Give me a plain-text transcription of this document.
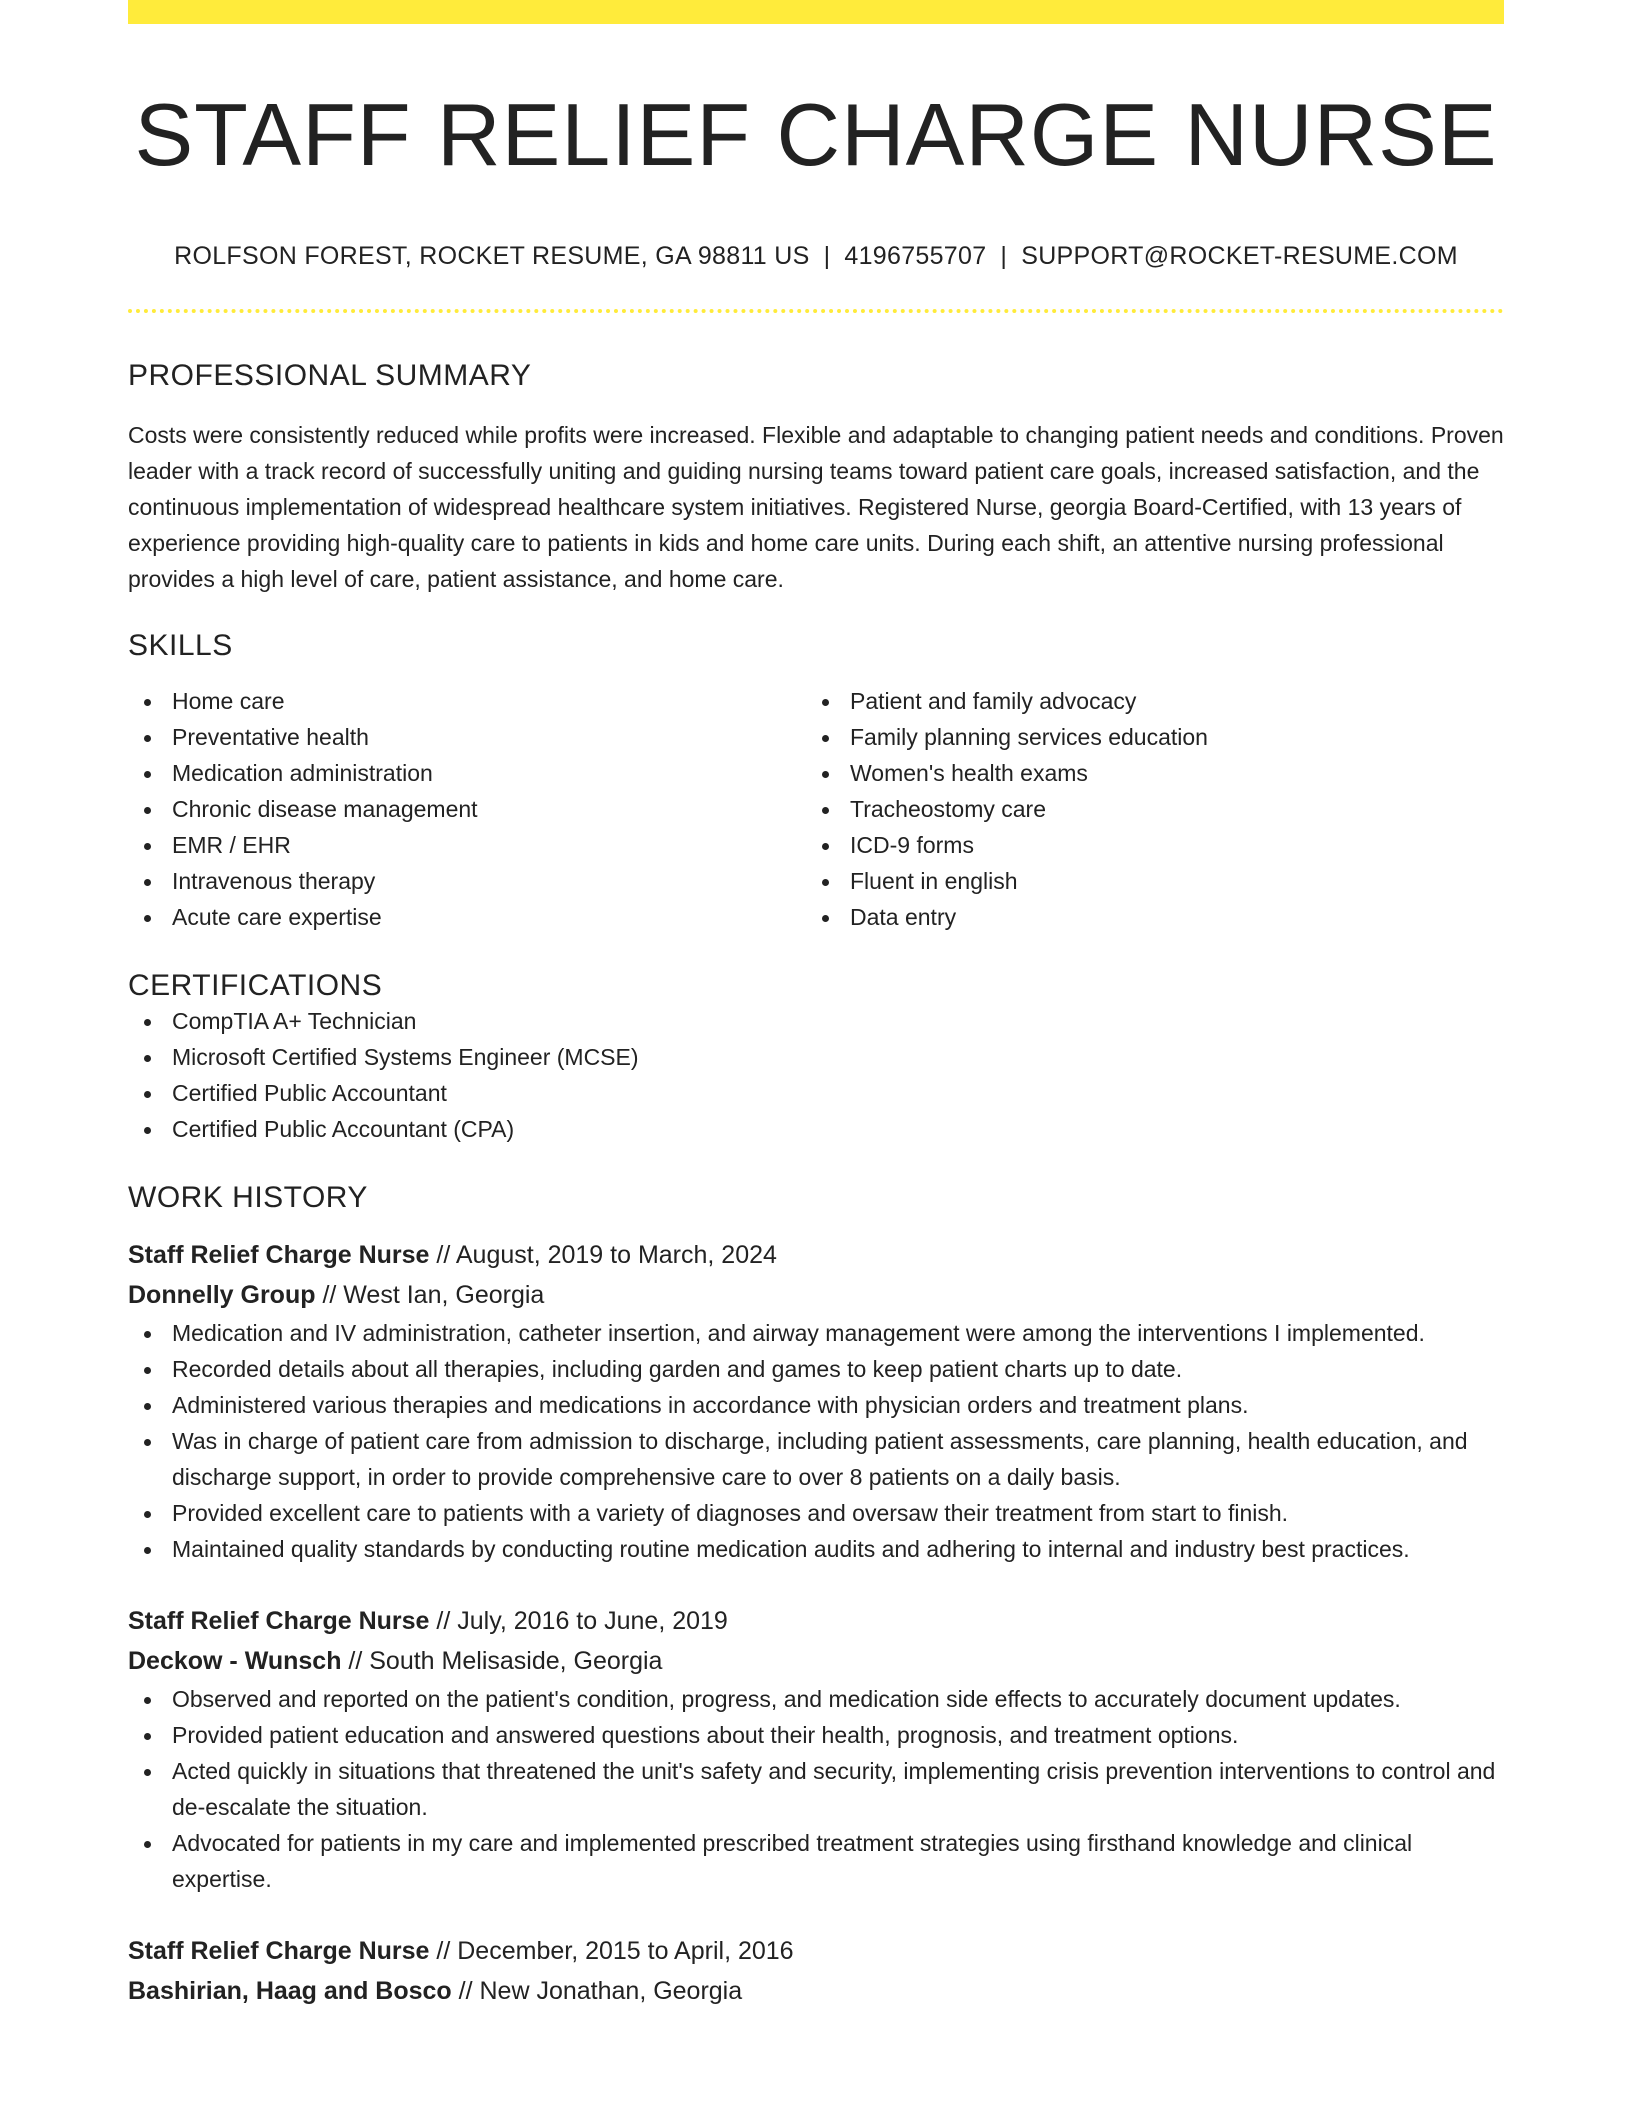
STAFF RELIEF CHARGE NURSE
ROLFSON FOREST, ROCKET RESUME, GA 98811 US | 4196755707 | SUPPORT@ROCKET-RESUME.COM
PROFESSIONAL SUMMARY
Costs were consistently reduced while profits were increased. Flexible and adaptable to changing patient needs and conditions. Proven leader with a track record of successfully uniting and guiding nursing teams toward patient care goals, increased satisfaction, and the continuous implementation of widespread healthcare system initiatives. Registered Nurse, georgia Board-Certified, with 13 years of experience providing high-quality care to patients in kids and home care units. During each shift, an attentive nursing professional provides a high level of care, patient assistance, and home care.
SKILLS
Home care
Preventative health
Medication administration
Chronic disease management
EMR / EHR
Intravenous therapy
Acute care expertise
Patient and family advocacy
Family planning services education
Women's health exams
Tracheostomy care
ICD-9 forms
Fluent in english
Data entry
CERTIFICATIONS
CompTIA A+ Technician
Microsoft Certified Systems Engineer (MCSE)
Certified Public Accountant
Certified Public Accountant (CPA)
WORK HISTORY
Staff Relief Charge Nurse // August, 2019 to March, 2024
Donnelly Group // West Ian, Georgia
Medication and IV administration, catheter insertion, and airway management were among the interventions I implemented.
Recorded details about all therapies, including garden and games to keep patient charts up to date.
Administered various therapies and medications in accordance with physician orders and treatment plans.
Was in charge of patient care from admission to discharge, including patient assessments, care planning, health education, and discharge support, in order to provide comprehensive care to over 8 patients on a daily basis.
Provided excellent care to patients with a variety of diagnoses and oversaw their treatment from start to finish.
Maintained quality standards by conducting routine medication audits and adhering to internal and industry best practices.
Staff Relief Charge Nurse // July, 2016 to June, 2019
Deckow - Wunsch // South Melisaside, Georgia
Observed and reported on the patient's condition, progress, and medication side effects to accurately document updates.
Provided patient education and answered questions about their health, prognosis, and treatment options.
Acted quickly in situations that threatened the unit's safety and security, implementing crisis prevention interventions to control and de-escalate the situation.
Advocated for patients in my care and implemented prescribed treatment strategies using firsthand knowledge and clinical expertise.
Staff Relief Charge Nurse // December, 2015 to April, 2016
Bashirian, Haag and Bosco // New Jonathan, Georgia
